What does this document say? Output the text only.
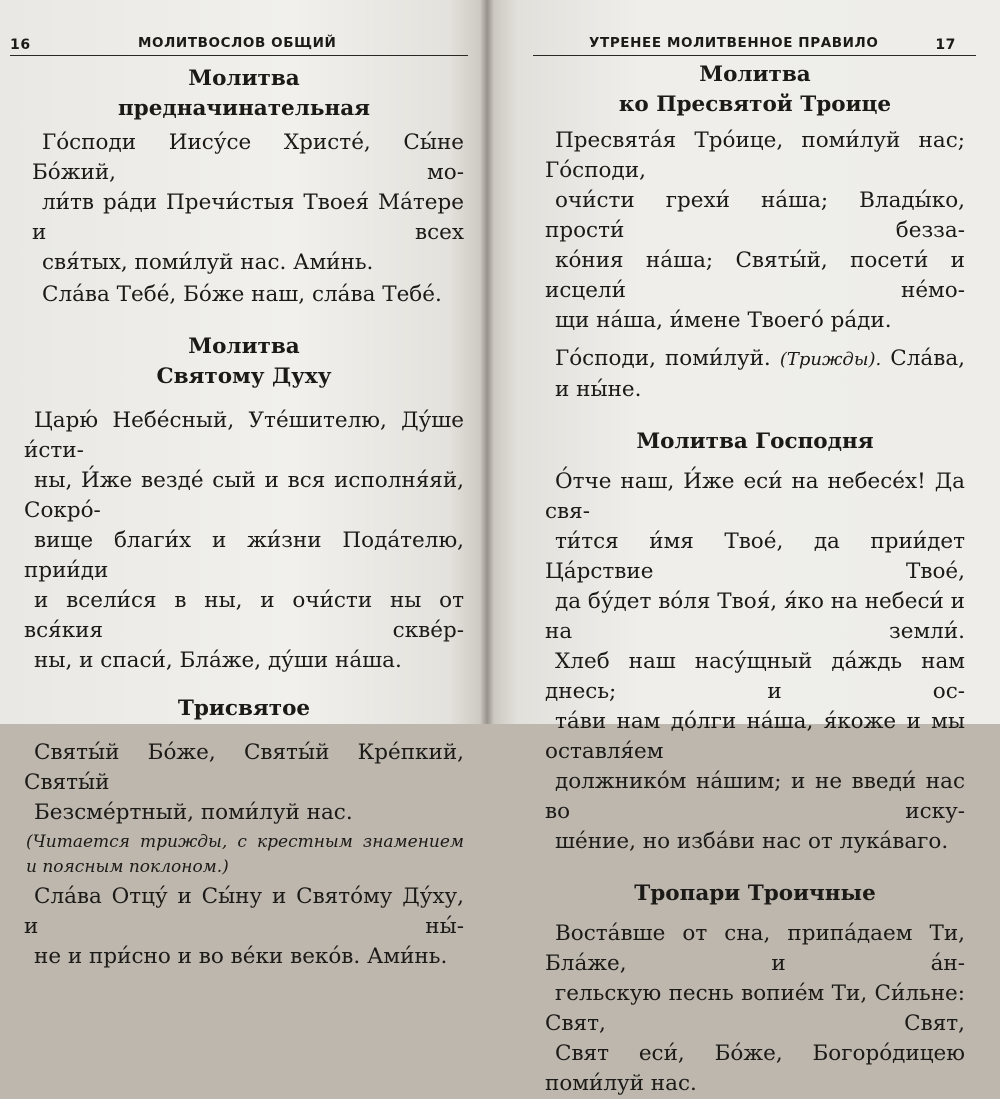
16	МОЛИТВОСЛОВ ОБЩИЙ
Молитва
предначинательная
Го́споди Иису́се Христе́, Сы́не Бо́жий, мо-
ли́тв ра́ди Пречи́стыя Твоея́ Ма́тере и всех
свя́тых, поми́луй нас. Ами́нь.
Сла́ва Тебе́, Бо́же наш, сла́ва Тебе́.
Молитва
Святому Духу
Царю́ Небе́сный, Уте́шителю, Ду́ше и́сти-
ны, И́же везде́ сый и вся исполня́яй, Сокро́-
вище благи́х и жи́зни Пода́телю, прии́ди
и всели́ся в ны, и очи́сти ны от вся́кия скве́р-
ны, и спаси́, Бла́же, ду́ши на́ша.
Трисвятое
Святы́й Бо́же, Святы́й Кре́пкий, Святы́й
Безсме́ртный, поми́луй нас.
(Читается трижды, с крестным знамением
и поясным поклоном.)
Сла́ва Отцу́ и Сы́ну и Свято́му Ду́ху, и ны́-
не и при́сно и во ве́ки веко́в. Ами́нь.
УТРЕНЕЕ МОЛИТВЕННОЕ ПРАВИЛО	17
Молитва
ко Пресвятой Троице
Пресвята́я Тро́ице, поми́луй нас; Го́споди,
очи́сти грехи́ на́ша; Влады́ко, прости́ безза-
ко́ния на́ша; Святы́й, посети́ и исцели́ не́мо-
щи на́ша, и́мене Твоего́ ра́ди.
Го́споди, поми́луй. (Трижды). Сла́ва,
и ны́не.
Молитва Господня
О́тче наш, И́же еси́ на небесе́х! Да свя-
ти́тся и́мя Твое́, да прии́дет Ца́рствие Твое́,
да бу́дет во́ля Твоя́, я́ко на небеси́ и на земли́.
Хлеб наш насу́щный да́ждь нам днесь; и ос-
та́ви нам до́лги на́ша, я́коже и мы оставля́ем
должнико́м на́шим; и не введи́ нас во иску-
ше́ние, но изба́ви нас от лука́ваго.
Тропари Троичные
Воста́вше от сна, припа́даем Ти, Бла́же, и а́н-
гельскую песнь вопие́м Ти, Си́льне: Свят, Свят,
Свят еси́, Бо́же, Богоро́дицею поми́луй нас.
